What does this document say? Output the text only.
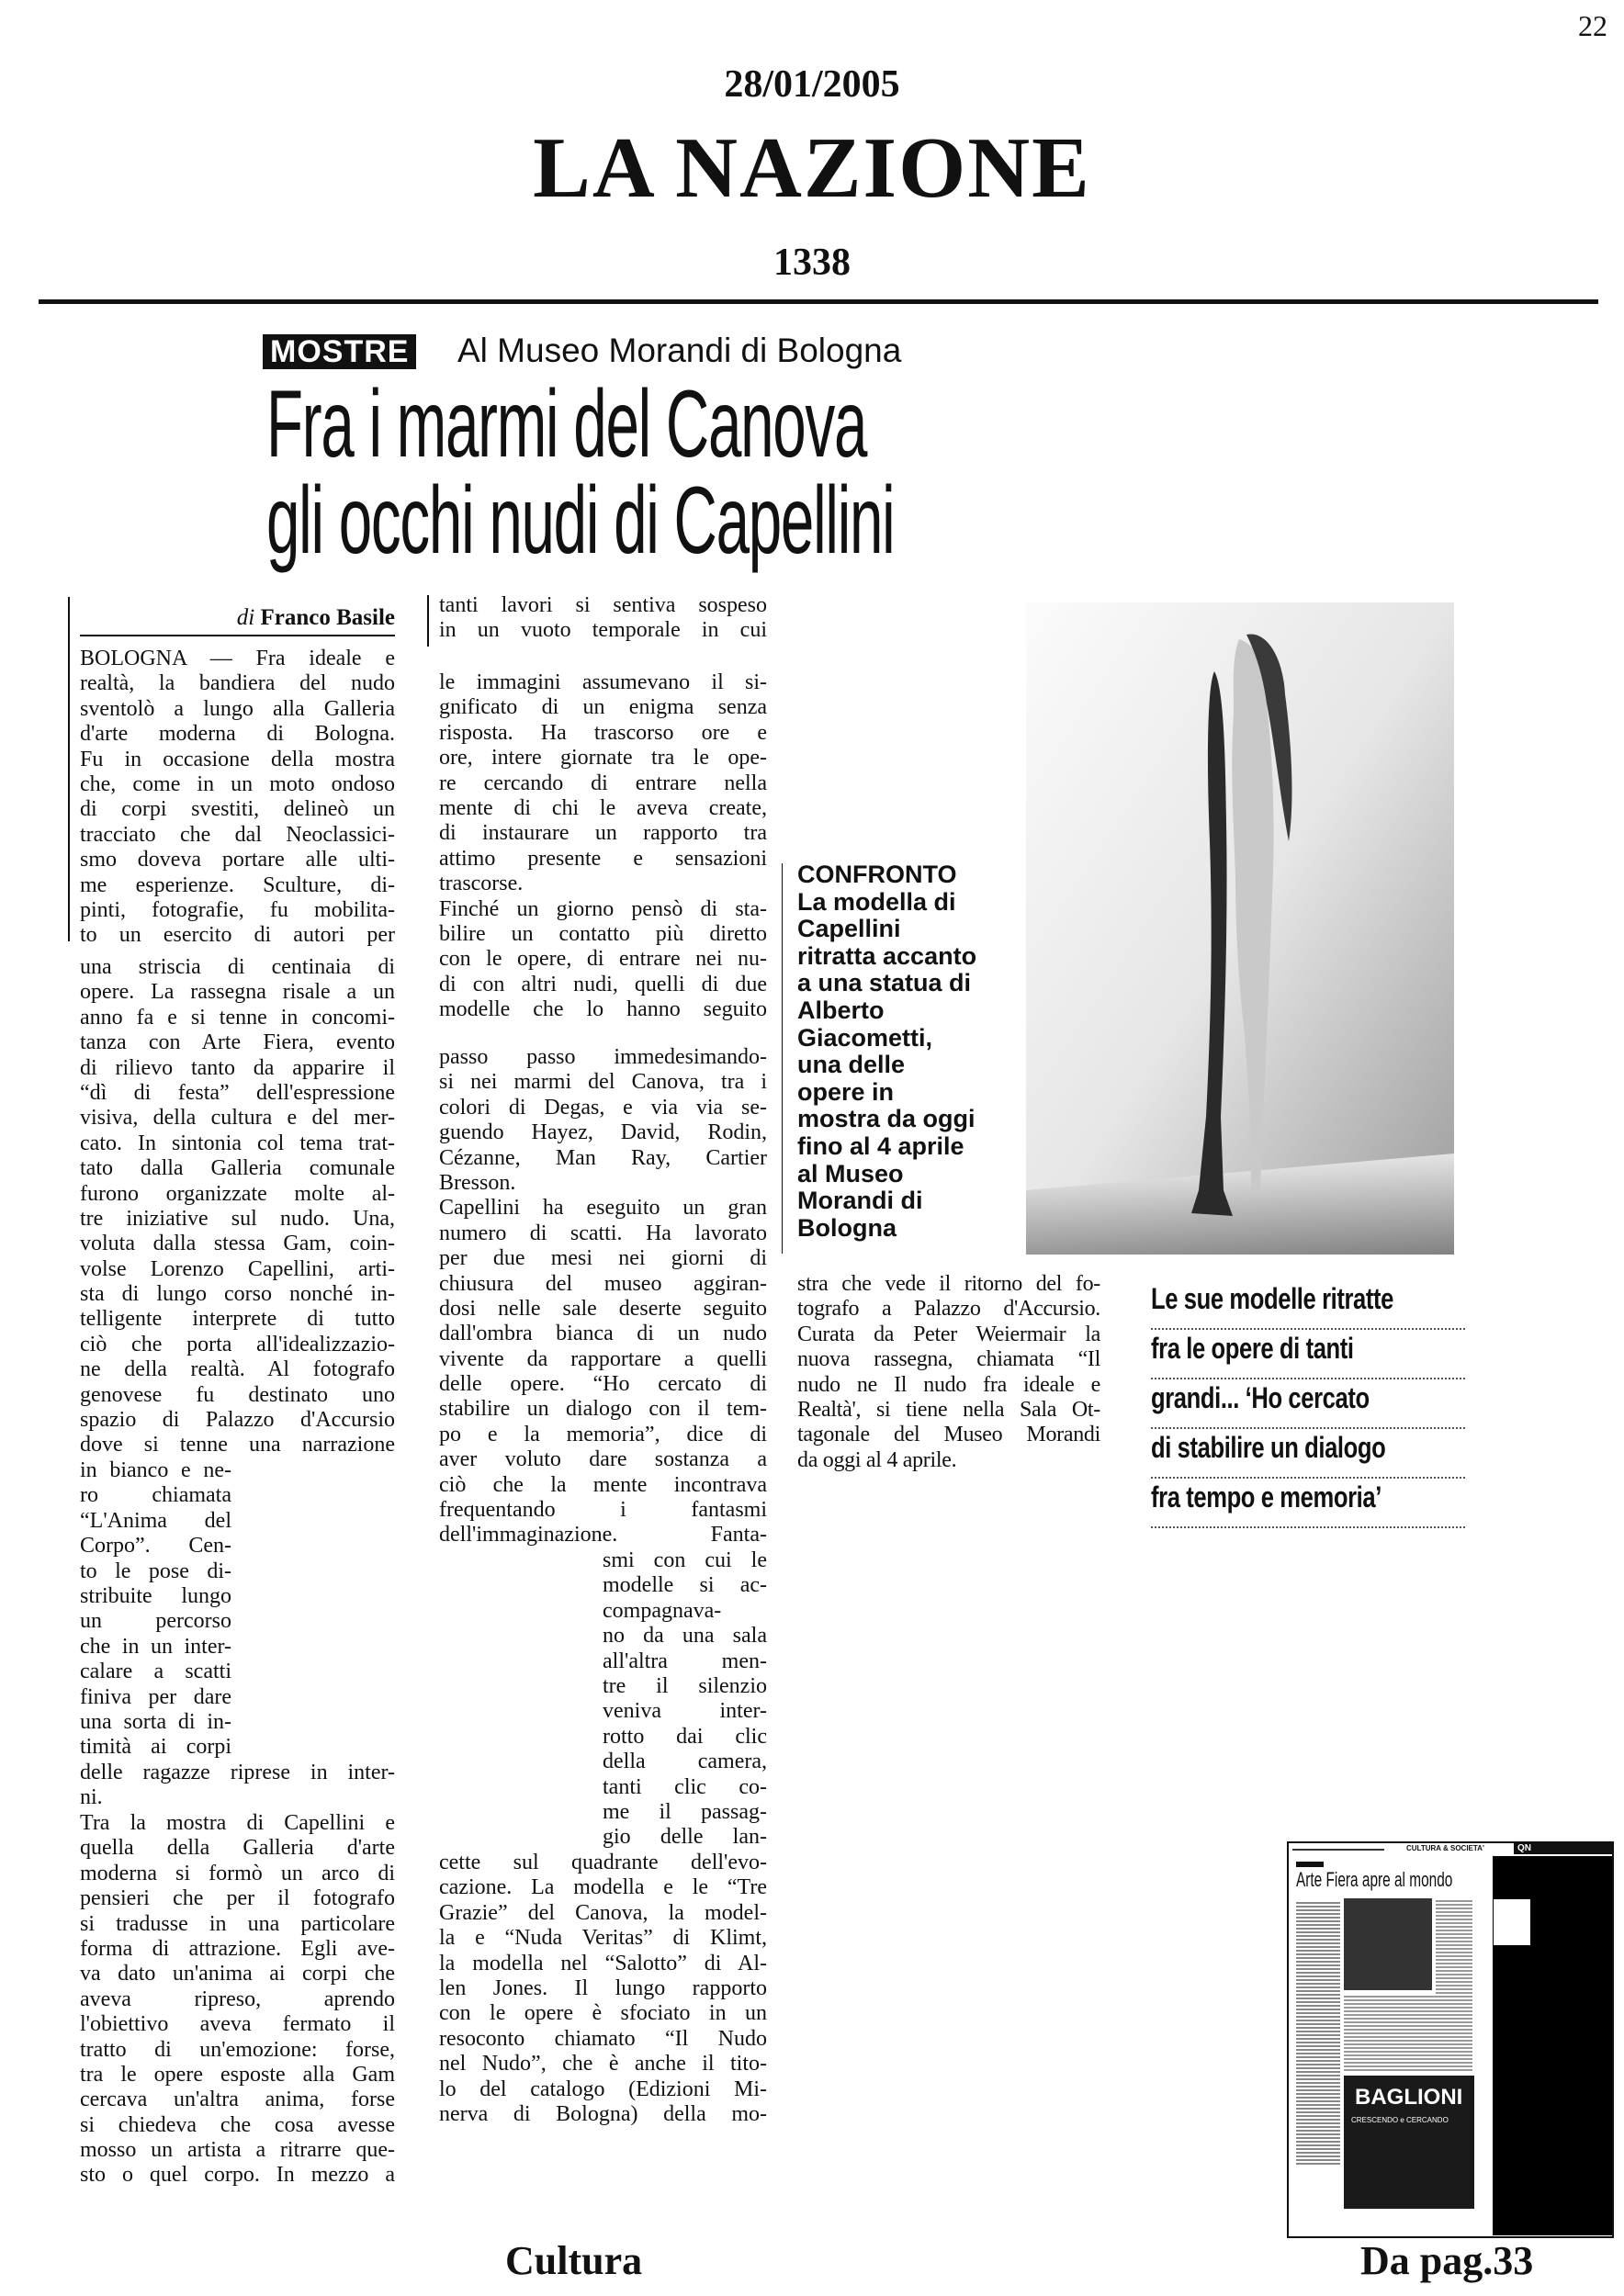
22
28/01/2005
LA NAZIONE
1338
MOSTRE Al Museo Morandi di Bologna
Fra i marmi del Canova
gli occhi nudi di Capellini
di Franco Basile
BOLOGNA — Fra ideale e
realtà, la bandiera del nudo
sventolò a lungo alla Galleria
d'arte moderna di Bologna.
Fu in occasione della mostra
che, come in un moto ondoso
di corpi svestiti, delineò un
tracciato che dal Neoclassici-
smo doveva portare alle ulti-
me esperienze. Sculture, di-
pinti, fotografie, fu mobilita-
to un esercito di autori per
una striscia di centinaia di
opere. La rassegna risale a un
anno fa e si tenne in concomi-
tanza con Arte Fiera, evento
di rilievo tanto da apparire il
“dì di festa” dell'espressione
visiva, della cultura e del mer-
cato. In sintonia col tema trat-
tato dalla Galleria comunale
furono organizzate molte al-
tre iniziative sul nudo. Una,
voluta dalla stessa Gam, coin-
volse Lorenzo Capellini, arti-
sta di lungo corso nonché in-
telligente interprete di tutto
ciò che porta all'idealizzazio-
ne della realtà. Al fotografo
genovese fu destinato uno
spazio di Palazzo d'Accursio
dove si tenne una narrazione
in bianco e ne-
ro chiamata
“L'Anima del
Corpo”. Cen-
to le pose di-
stribuite lungo
un percorso
che in un inter-
calare a scatti
finiva per dare
una sorta di in-
timità ai corpi
delle ragazze riprese in inter-
ni.
Tra la mostra di Capellini e
quella della Galleria d'arte
moderna si formò un arco di
pensieri che per il fotografo
si tradusse in una particolare
forma di attrazione. Egli ave-
va dato un'anima ai corpi che
aveva ripreso, aprendo
l'obiettivo aveva fermato il
tratto di un'emozione: forse,
tra le opere esposte alla Gam
cercava un'altra anima, forse
si chiedeva che cosa avesse
mosso un artista a ritrarre que-
sto o quel corpo. In mezzo a
tanti lavori si sentiva sospeso
in un vuoto temporale in cui
le immagini assumevano il si-
gnificato di un enigma senza
risposta. Ha trascorso ore e
ore, intere giornate tra le ope-
re cercando di entrare nella
mente di chi le aveva create,
di instaurare un rapporto tra
attimo presente e sensazioni
trascorse.
Finché un giorno pensò di sta-
bilire un contatto più diretto
con le opere, di entrare nei nu-
di con altri nudi, quelli di due
modelle che lo hanno seguito
passo passo immedesimando-
si nei marmi del Canova, tra i
colori di Degas, e via via se-
guendo Hayez, David, Rodin,
Cézanne, Man Ray, Cartier
Bresson.
Capellini ha eseguito un gran
numero di scatti. Ha lavorato
per due mesi nei giorni di
chiusura del museo aggiran-
dosi nelle sale deserte seguito
dall'ombra bianca di un nudo
vivente da rapportare a quelli
delle opere. “Ho cercato di
stabilire un dialogo con il tem-
po e la memoria”, dice di
aver voluto dare sostanza a
ciò che la mente incontrava
frequentando i fantasmi
dell'immaginazione. Fanta-
smi con cui le
modelle si ac-
compagnava-
no da una sala
all'altra men-
tre il silenzio
veniva inter-
rotto dai clic
della camera,
tanti clic co-
me il passag-
gio delle lan-
cette sul quadrante dell'evo-
cazione. La modella e le “Tre
Grazie” del Canova, la model-
la e “Nuda Veritas” di Klimt,
la modella nel “Salotto” di Al-
len Jones. Il lungo rapporto
con le opere è sfociato in un
resoconto chiamato “Il Nudo
nel Nudo”, che è anche il tito-
lo del catalogo (Edizioni Mi-
nerva di Bologna) della mo-
CONFRONTO
La modella di
Capellini
ritratta accanto
a una statua di
Alberto
Giacometti,
una delle
opere in
mostra da oggi
fino al 4 aprile
al Museo
Morandi di
Bologna
stra che vede il ritorno del fo-
tografo a Palazzo d'Accursio.
Curata da Peter Weiermair la
nuova rassegna, chiamata “Il
nudo ne Il nudo fra ideale e
Realtà', si tiene nella Sala Ot-
tagonale del Museo Morandi
da oggi al 4 aprile.
Le sue modelle ritratte
fra le opere di tanti
grandi... ‘Ho cercato
di stabilire un dialogo
fra tempo e memoria’
CULTURA & SOCIETA'	QN
Arte Fiera apre al mondo
BAGLIONI
CRESCENDO e CERCANDO
Cultura	Da pag.33
